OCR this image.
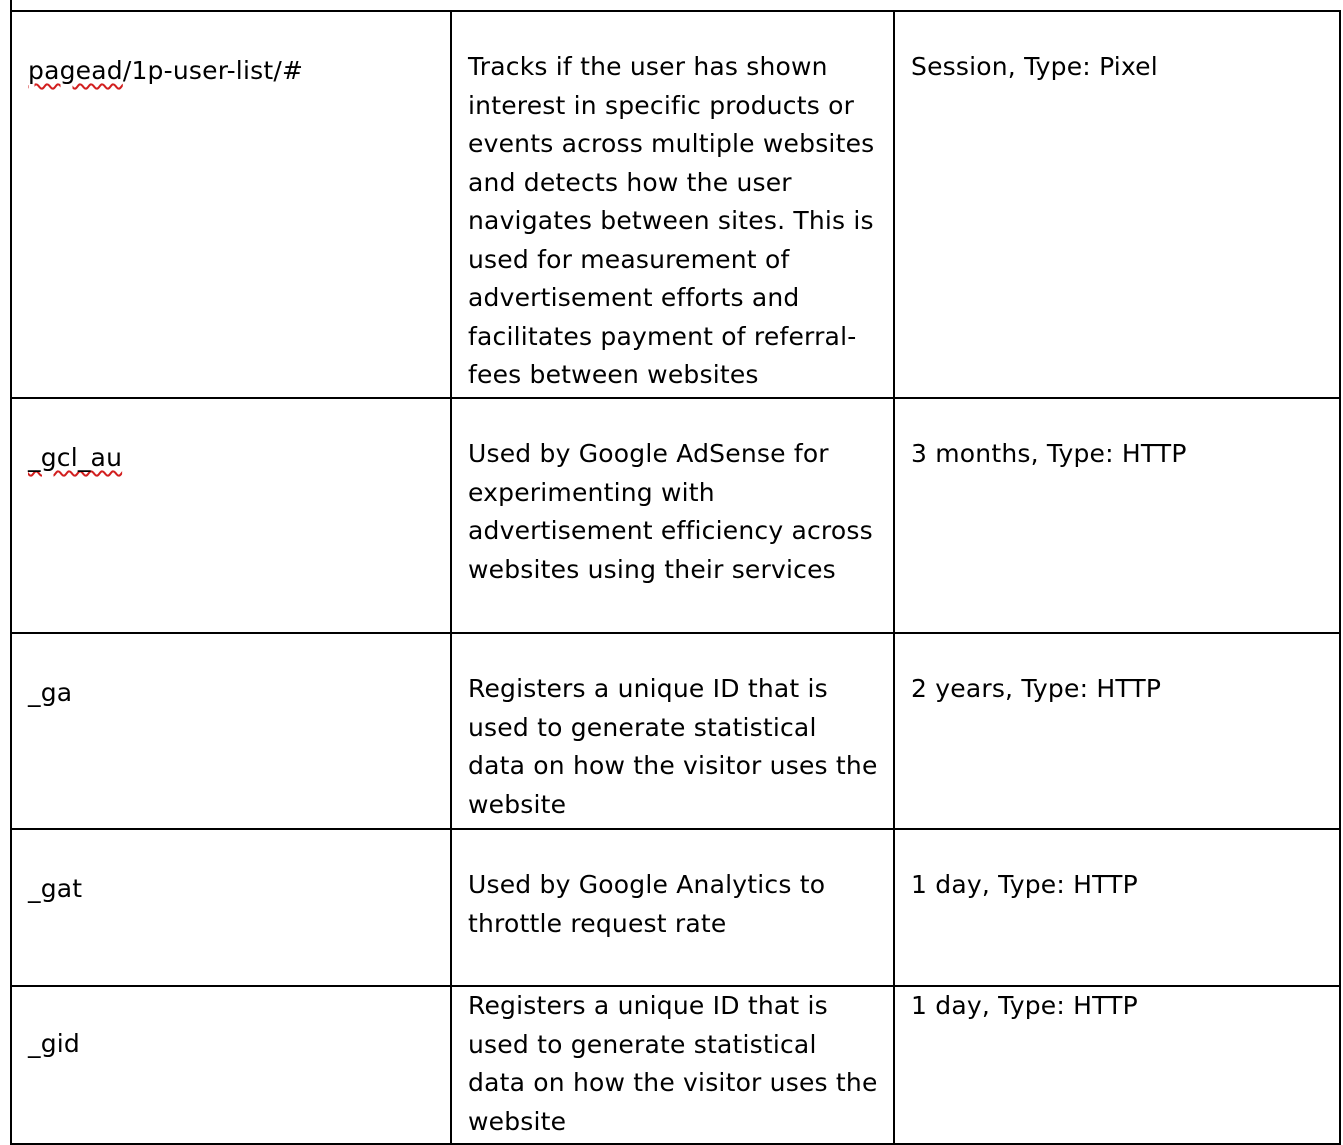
pagead/1p-user-list/#	Tracks if the user has shown interest in specific products or events across multiple websites and detects how the user navigates between sites. This is used for measurement of advertisement efforts and facilitates payment of referral-fees between websites	Session, Type: Pixel

_gcl_au	Used by Google AdSense for experimenting with advertisement efficiency across websites using their services	3 months, Type: HTTP

_ga	Registers a unique ID that is used to generate statistical data on how the visitor uses the website	2 years, Type: HTTP

_gat	Used by Google Analytics to throttle request rate	1 day, Type: HTTP

_gid	Registers a unique ID that is used to generate statistical data on how the visitor uses the website	1 day, Type: HTTP
